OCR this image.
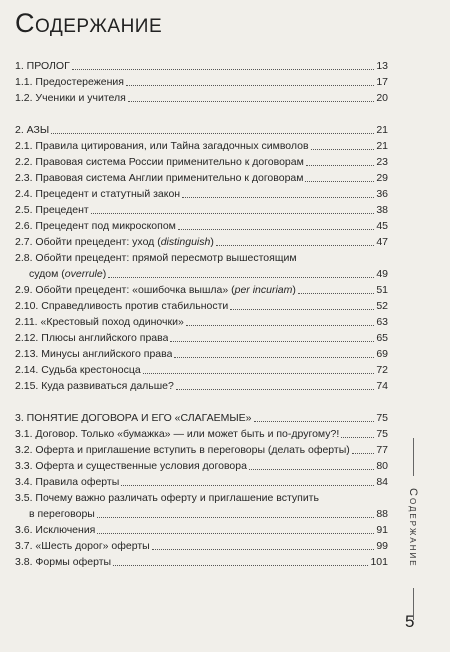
Содержание
1. ПРОЛОГ	13
1.1. Предостережения	17
1.2. Ученики и учителя	20
2. АЗЫ	21
2.1. Правила цитирования, или Тайна загадочных символов	21
2.2. Правовая система России применительно к договорам	23
2.3. Правовая система Англии применительно к договорам	29
2.4. Прецедент и статутный закон	36
2.5. Прецедент	38
2.6. Прецедент под микроскопом	45
2.7. Обойти прецедент: уход (distinguish)	47
2.8. Обойти прецедент: прямой пересмотр вышестоящим
судом (overrule)	49
2.9. Обойти прецедент: «ошибочка вышла» (per incuriam)	51
2.10. Справедливость против стабильности	52
2.11. «Крестовый поход одиночки»	63
2.12. Плюсы английского права	65
2.13. Минусы английского права	69
2.14. Судьба крестоносца	72
2.15. Куда развиваться дальше?	74
3. ПОНЯТИЕ ДОГОВОРА И ЕГО «СЛАГАЕМЫЕ»	75
3.1. Договор. Только «бумажка» — или может быть и по-другому?!	75
3.2. Оферта и приглашение вступить в переговоры (делать оферты)	77
3.3. Оферта и существенные условия договора	80
3.4. Правила оферты	84
3.5. Почему важно различать оферту и приглашение вступить
в переговоры	88
3.6. Исключения	91
3.7. «Шесть дорог» оферты	99
3.8. Формы оферты	101 Содержание
5
